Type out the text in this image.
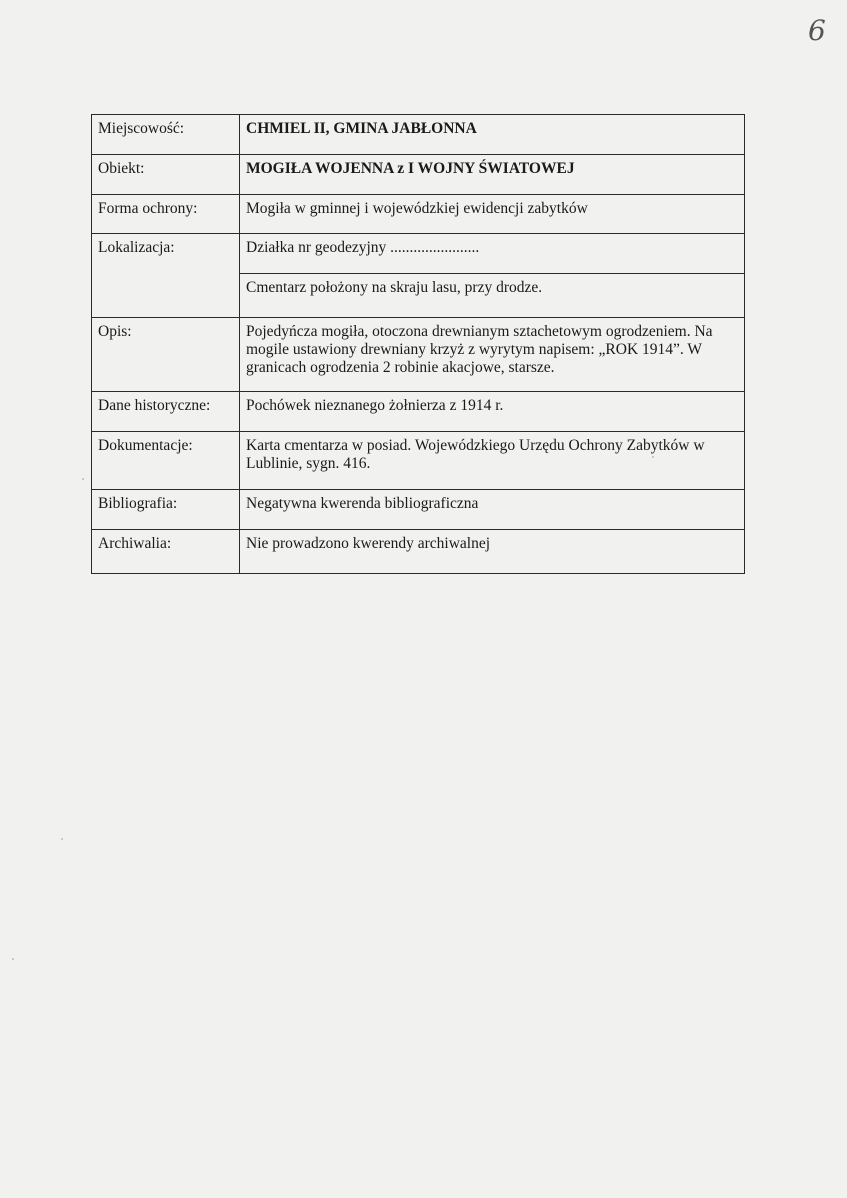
6
Miejscowość:	CHMIEL II, GMINA JABŁONNA
Obiekt:	MOGIŁA WOJENNA z I WOJNY ŚWIATOWEJ
Forma ochrony:	Mogiła w gminnej i wojewódzkiej ewidencji zabytków
Lokalizacja:	Działka nr geodezyjny .......................
	Cmentarz położony na skraju lasu, przy drodze.
Opis:	Pojedyńcza mogiła, otoczona drewnianym sztachetowym ogrodzeniem. Na mogile ustawiony drewniany krzyż z wyrytym napisem: „ROK 1914”. W granicach ogrodzenia 2 robinie akacjowe, starsze.
Dane historyczne:	Pochówek nieznanego żołnierza z 1914 r.
Dokumentacje:	Karta cmentarza w posiad. Wojewódzkiego Urzędu Ochrony Zabytków w Lublinie, sygn. 416.
Bibliografia:	Negatywna kwerenda bibliograficzna
Archiwalia:	Nie prowadzono kwerendy archiwalnej
